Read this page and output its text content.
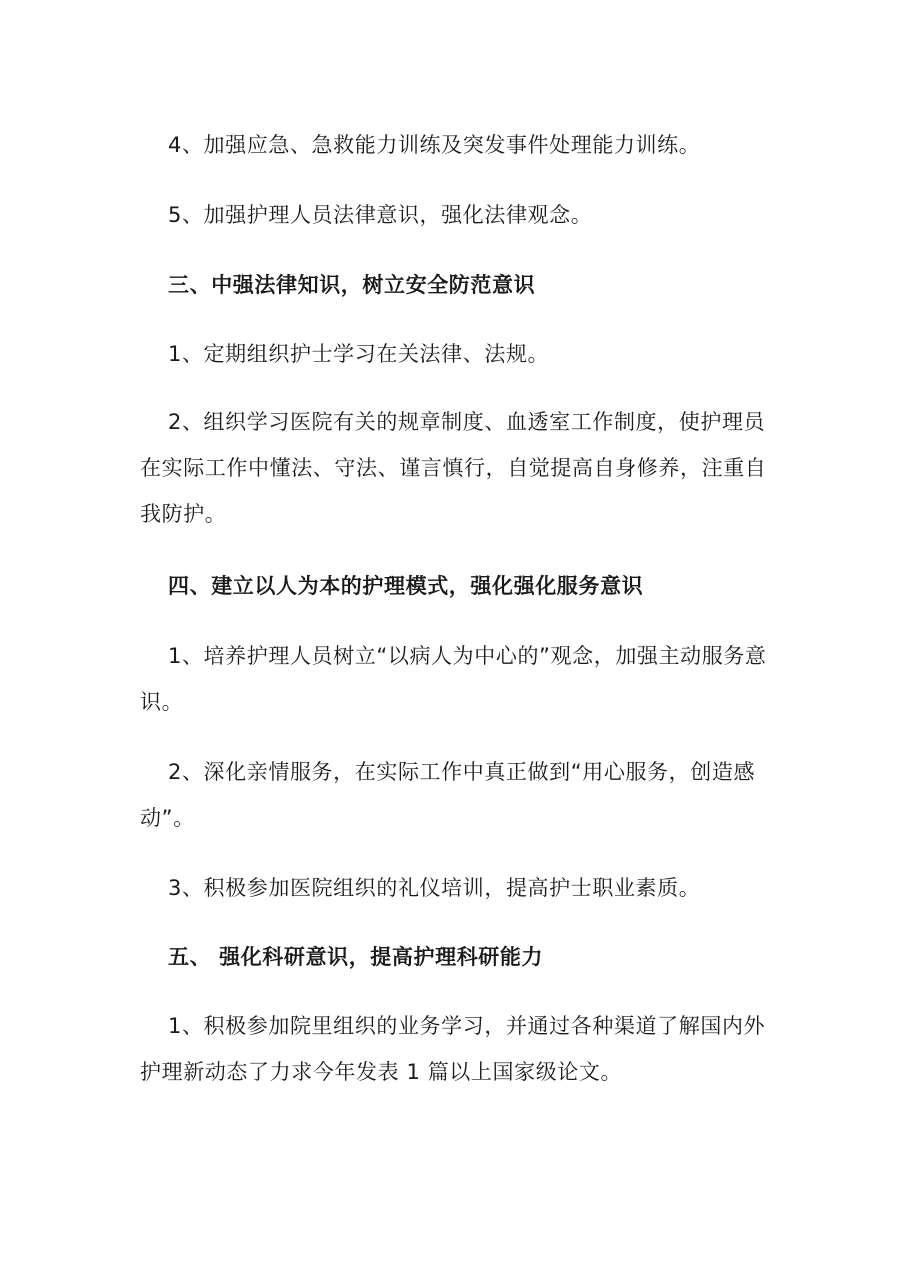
4、加强应急、急救能力训练及突发事件处理能力训练。

5、加强护理人员法律意识，强化法律观念。

三、中强法律知识，树立安全防范意识

1、定期组织护士学习在关法律、法规。

2、组织学习医院有关的规章制度、血透室工作制度，使护理员在实际工作中懂法、守法、谨言慎行，自觉提高自身修养，注重自我防护。

四、建立以人为本的护理模式，强化强化服务意识

1、培养护理人员树立“以病人为中心的”观念，加强主动服务意识。

2、深化亲情服务，在实际工作中真正做到“用心服务，创造感动”。

3、积极参加医院组织的礼仪培训，提高护士职业素质。

五、 强化科研意识，提高护理科研能力

1、积极参加院里组织的业务学习，并通过各种渠道了解国内外护理新动态了力求今年发表 1 篇以上国家级论文。
